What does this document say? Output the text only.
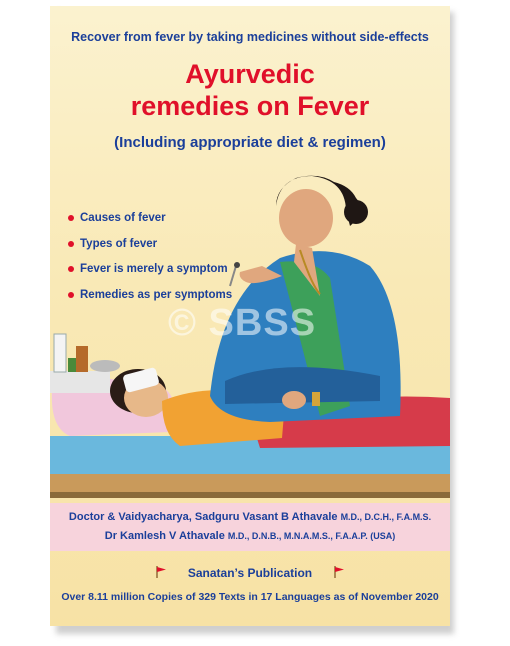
Recover from fever by taking medicines without side-effects
Ayurvedic
remedies on Fever
(Including appropriate diet & regimen)
Causes of fever
Types of fever
Fever is merely a symptom
Remedies as per symptoms
© SBSS
Doctor & Vaidyacharya, Sadguru Vasant B Athavale M.D., D.C.H., F.A.M.S.
Dr Kamlesh V Athavale M.D., D.N.B., M.N.A.M.S., F.A.A.P. (USA)
Sanatan’s Publication
Over 8.11 million Copies of 329 Texts in 17 Languages as of November 2020
